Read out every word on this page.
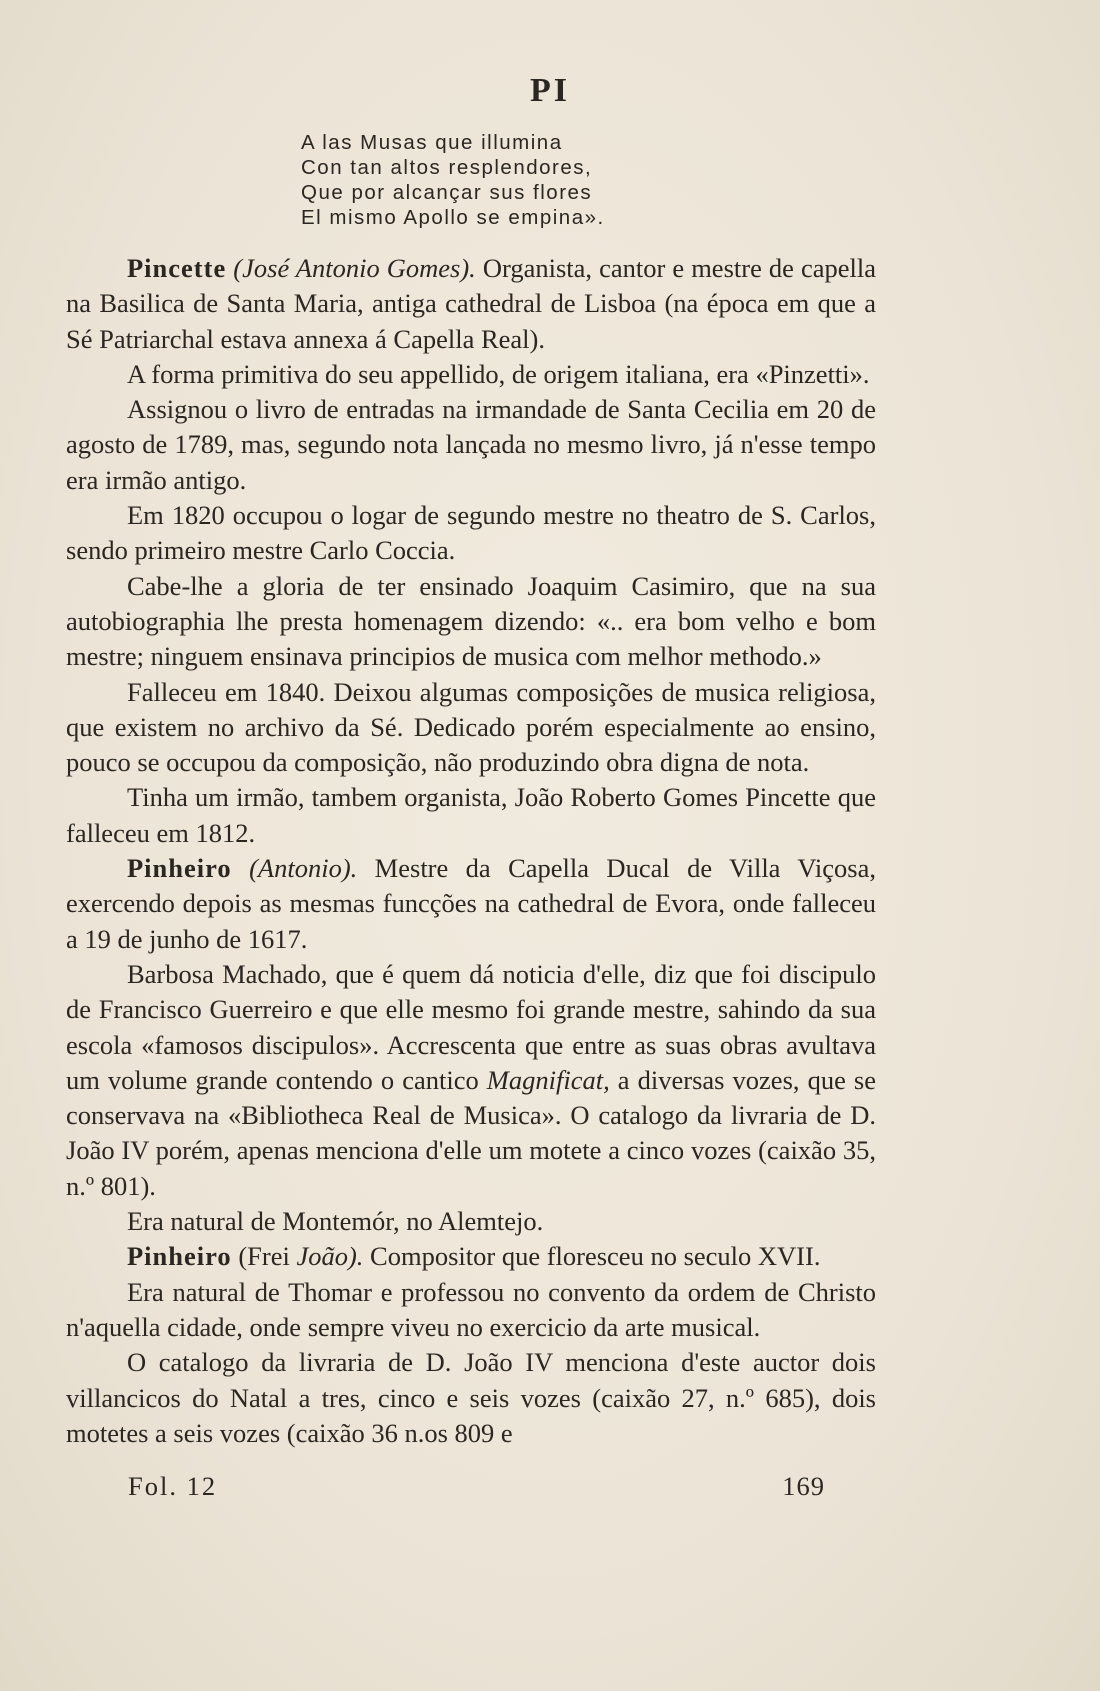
PI
A las Musas que illumina
Con tan altos resplendores,
Que por alcançar sus flores
El mismo Apollo se empina».

Pincette (José Antonio Gomes). Organista, cantor e mestre de capella na Basilica de Santa Maria, antiga cathedral de Lisboa (na época em que a Sé Patriarchal estava annexa á Capella Real).

A forma primitiva do seu appellido, de origem italiana, era «Pinzetti».

Assignou o livro de entradas na irmandade de Santa Cecilia em 20 de agosto de 1789, mas, segundo nota lançada no mesmo livro, já n'esse tempo era irmão antigo.

Em 1820 occupou o logar de segundo mestre no theatro de S. Carlos, sendo primeiro mestre Carlo Coccia.

Cabe-lhe a gloria de ter ensinado Joaquim Casimiro, que na sua autobiographia lhe presta homenagem dizendo: «.. era bom velho e bom mestre; ninguem ensinava principios de musica com melhor methodo.»

Falleceu em 1840. Deixou algumas composições de musica religiosa, que existem no archivo da Sé. Dedicado porém especialmente ao ensino, pouco se occupou da composição, não produzindo obra digna de nota.

Tinha um irmão, tambem organista, João Roberto Gomes Pincette que falleceu em 1812.

Pinheiro (Antonio). Mestre da Capella Ducal de Villa Viçosa, exercendo depois as mesmas funcções na cathedral de Evora, onde falleceu a 19 de junho de 1617.

Barbosa Machado, que é quem dá noticia d'elle, diz que foi discipulo de Francisco Guerreiro e que elle mesmo foi grande mestre, sahindo da sua escola «famosos discipulos». Accrescenta que entre as suas obras avultava um volume grande contendo o cantico Magnificat, a diversas vozes, que se conservava na «Bibliotheca Real de Musica». O catalogo da livraria de D. João IV porém, apenas menciona d'elle um motete a cinco vozes (caixão 35, n.º 801).

Era natural de Montemór, no Alemtejo.

Pinheiro (Frei João). Compositor que floresceu no seculo XVII.

Era natural de Thomar e professou no convento da ordem de Christo n'aquella cidade, onde sempre viveu no exercicio da arte musical.

O catalogo da livraria de D. João IV menciona d'este auctor dois villancicos do Natal a tres, cinco e seis vozes (caixão 27, n.º 685), dois motetes a seis vozes (caixão 36 n.os 809 e

Fol. 12	169
